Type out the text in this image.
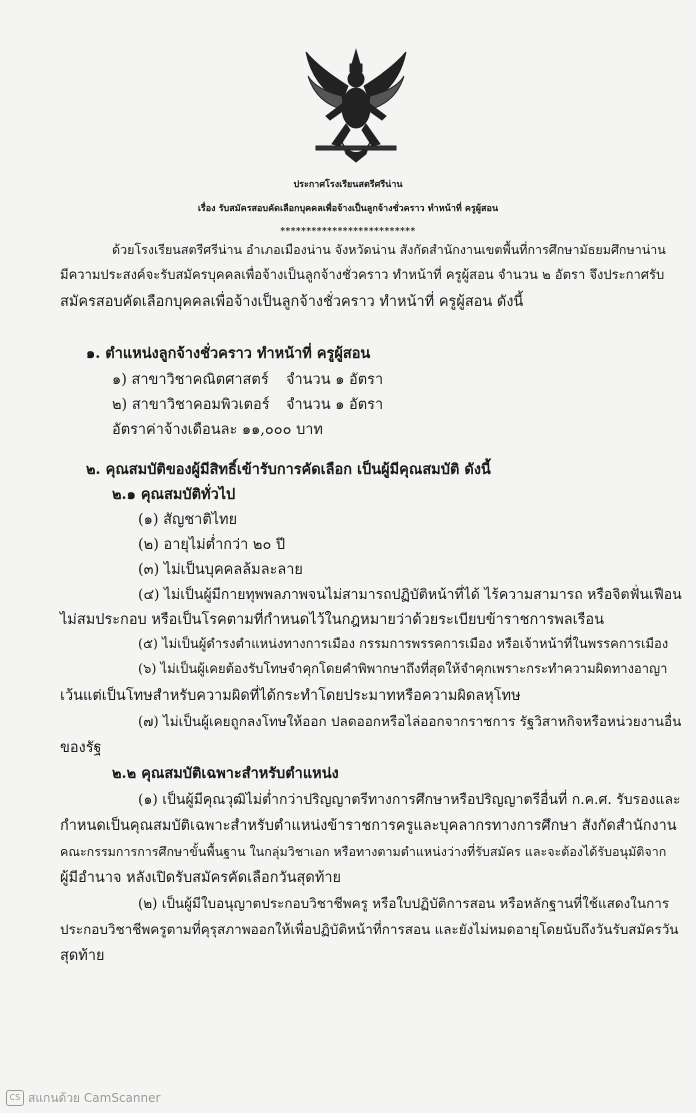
ประกาศโรงเรียนสตรีศรีน่าน
เรื่อง รับสมัครสอบคัดเลือกบุคคลเพื่อจ้างเป็นลูกจ้างชั่วคราว ทำหน้าที่ ครูผู้สอน
**************************
ด้วยโรงเรียนสตรีศรีน่าน อำเภอเมืองน่าน จังหวัดน่าน สังกัดสำนักงานเขตพื้นที่การศึกษามัธยมศึกษาน่าน
มีความประสงค์จะรับสมัครบุคคลเพื่อจ้างเป็นลูกจ้างชั่วคราว ทำหน้าที่ ครูผู้สอน จำนวน ๒ อัตรา จึงประกาศรับ
สมัครสอบคัดเลือกบุคคลเพื่อจ้างเป็นลูกจ้างชั่วคราว ทำหน้าที่ ครูผู้สอน ดังนี้
๑. ตำแหน่งลูกจ้างชั่วคราว ทำหน้าที่ ครูผู้สอน
๑) สาขาวิชาคณิตศาสตร์ จำนวน ๑ อัตรา
๒) สาขาวิชาคอมพิวเตอร์ จำนวน ๑ อัตรา
อัตราค่าจ้างเดือนละ ๑๑,๐๐๐ บาท
๒. คุณสมบัติของผู้มีสิทธิ์เข้ารับการคัดเลือก เป็นผู้มีคุณสมบัติ ดังนี้
๒.๑ คุณสมบัติทั่วไป
(๑) สัญชาติไทย
(๒) อายุไม่ต่ำกว่า ๒๐ ปี
(๓) ไม่เป็นบุคคลล้มละลาย
(๔) ไม่เป็นผู้มีกายทุพพลภาพจนไม่สามารถปฏิบัติหน้าที่ได้ ไร้ความสามารถ หรือจิตฟั่นเฟือน
ไม่สมประกอบ หรือเป็นโรคตามที่กำหนดไว้ในกฎหมายว่าด้วยระเบียบข้าราชการพลเรือน
(๕) ไม่เป็นผู้ดำรงตำแหน่งทางการเมือง กรรมการพรรคการเมือง หรือเจ้าหน้าที่ในพรรคการเมือง
(๖) ไม่เป็นผู้เคยต้องรับโทษจำคุกโดยคำพิพากษาถึงที่สุดให้จำคุกเพราะกระทำความผิดทางอาญา
เว้นแต่เป็นโทษสำหรับความผิดที่ได้กระทำโดยประมาทหรือความผิดลหุโทษ
(๗) ไม่เป็นผู้เคยถูกลงโทษให้ออก ปลดออกหรือไล่ออกจากราชการ รัฐวิสาหกิจหรือหน่วยงานอื่น
ของรัฐ
๒.๒ คุณสมบัติเฉพาะสำหรับตำแหน่ง
(๑) เป็นผู้มีคุณวุฒิไม่ต่ำกว่าปริญญาตรีทางการศึกษาหรือปริญญาตรีอื่นที่ ก.ค.ศ. รับรองและ
กำหนดเป็นคุณสมบัติเฉพาะสำหรับตำแหน่งข้าราชการครูและบุคลากรทางการศึกษา สังกัดสำนักงาน
คณะกรรมการการศึกษาขั้นพื้นฐาน ในกลุ่มวิชาเอก หรือทางตามตำแหน่งว่างที่รับสมัคร และจะต้องได้รับอนุมัติจาก
ผู้มีอำนาจ หลังเปิดรับสมัครคัดเลือกวันสุดท้าย
(๒) เป็นผู้มีใบอนุญาตประกอบวิชาชีพครู หรือใบปฏิบัติการสอน หรือหลักฐานที่ใช้แสดงในการ
ประกอบวิชาชีพครูตามที่คุรุสภาพออกให้เพื่อปฏิบัติหน้าที่การสอน และยังไม่หมดอายุโดยนับถึงวันรับสมัครวัน
สุดท้าย
CS สแกนด้วย CamScanner
